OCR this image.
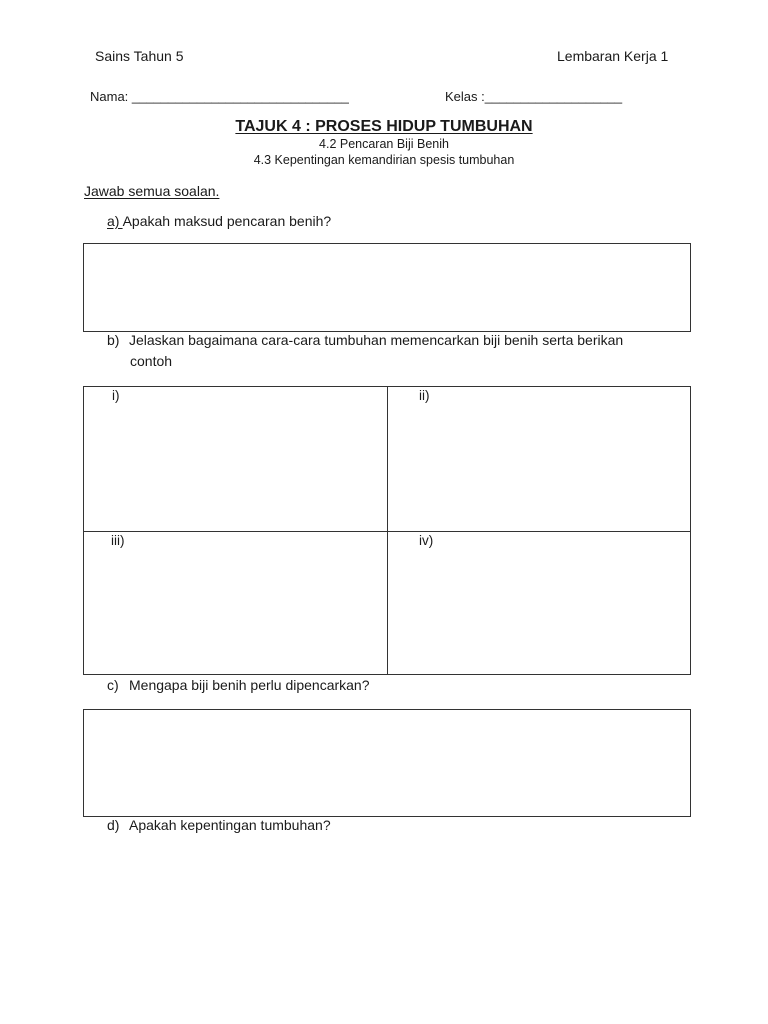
Sains Tahun 5	Lembaran Kerja 1
Nama: ______________________________	Kelas :___________________
TAJUK 4 : PROSES HIDUP TUMBUHAN
4.2 Pencaran Biji Benih
4.3 Kepentingan kemandirian spesis tumbuhan
Jawab semua soalan.
a) Apakah maksud pencaran benih?
b) Jelaskan bagaimana cara-cara tumbuhan memencarkan biji benih serta berikan
contoh
i)	ii)
iii)	iv)
c) Mengapa biji benih perlu dipencarkan?
d) Apakah kepentingan tumbuhan?
